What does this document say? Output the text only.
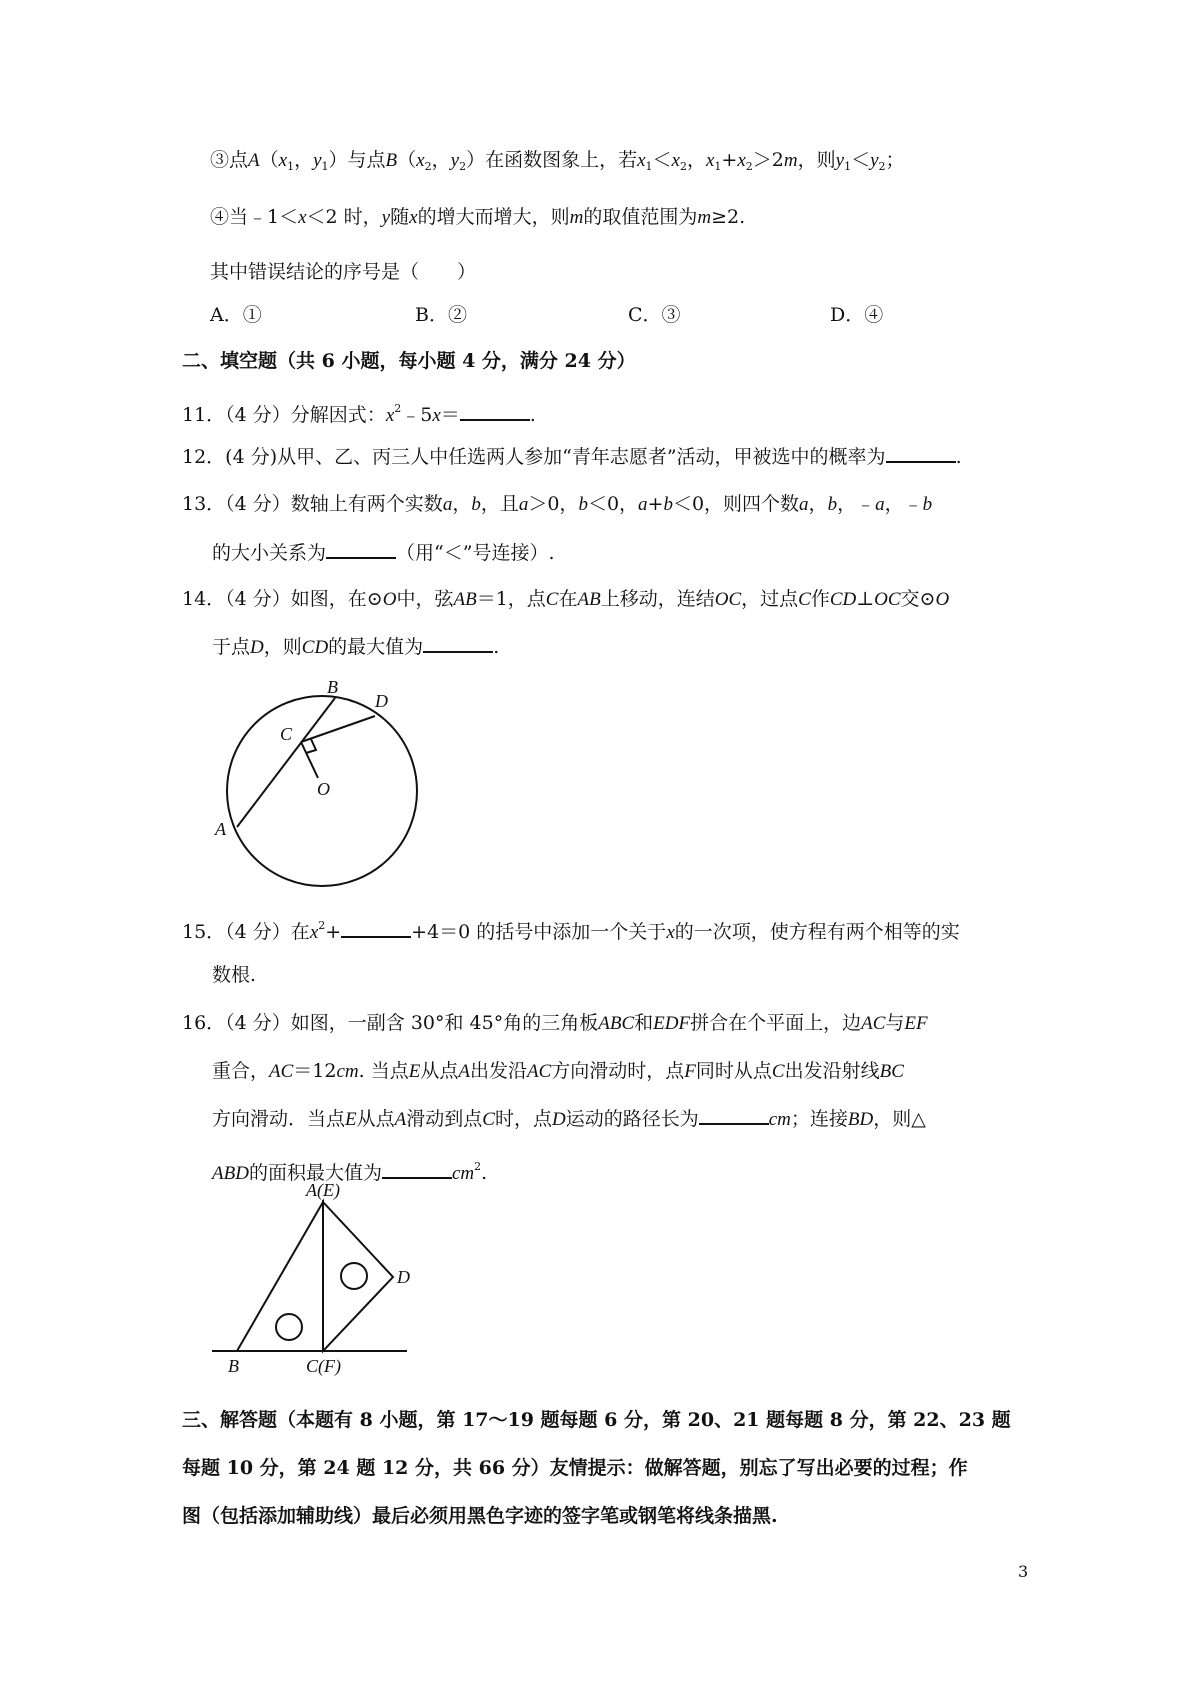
③点$A(x_1$，$y_1$）与点$B(x_2$，$y_2$）在函数图象上，若$x_1<x_2$，$x_1+x_2>2m$，则$y_1<y_2$；
④当﹣1＜x＜2 时，y随x的增大而增大，则m的取值范围为m≥2.
其中错误结论的序号是（　　）
A．①	B．②	C．③	D．④
二、填空题（共 6 小题，每小题 4 分，满分 24 分）
11．（4 分）分解因式：$x^2﹣5x=$	.
12．(4 分)从甲、乙、丙三人中任选两人参加“青年志愿者”活动，甲被选中的概率为	.
13．（4 分）数轴上有两个实数a，b，且a＞0，b＜0，a+b＜0，则四个数a，b，﹣a，﹣b
的大小关系为	（用“＜”号连接）.
14．（4 分）如图，在⊙O中，弦AB＝1，点C在AB上移动，连结OC，过点C作CD⊥OC交⊙O
于点D，则CD的最大值为	.
B
D
C
O
A
15．（4 分）在$x^2+$	+4＝0 的括号中添加一个关于x的一次项，使方程有两个相等的实
数根.
16．（4 分）如图，一副含 30°和 45°角的三角板ABC和EDF拼合在个平面上，边AC与EF
重合，AC＝12cm. 当点E从点A出发沿AC方向滑动时，点F同时从点C出发沿射线BC
方向滑动．当点E从点A滑动到点C时，点D运动的路径长为	cm；连接BD，则△
ABD的面积最大值为	$cm^2$.
A(E)
D
B	C(F)
三、解答题（本题有 8 小题，第 17～19 题每题 6 分，第 20、21 题每题 8 分，第 22、23 题
每题 10 分，第 24 题 12 分，共 66 分）友情提示：做解答题，别忘了写出必要的过程；作
图（包括添加辅助线）最后必须用黑色字迹的签字笔或钢笔将线条描黑.
3
